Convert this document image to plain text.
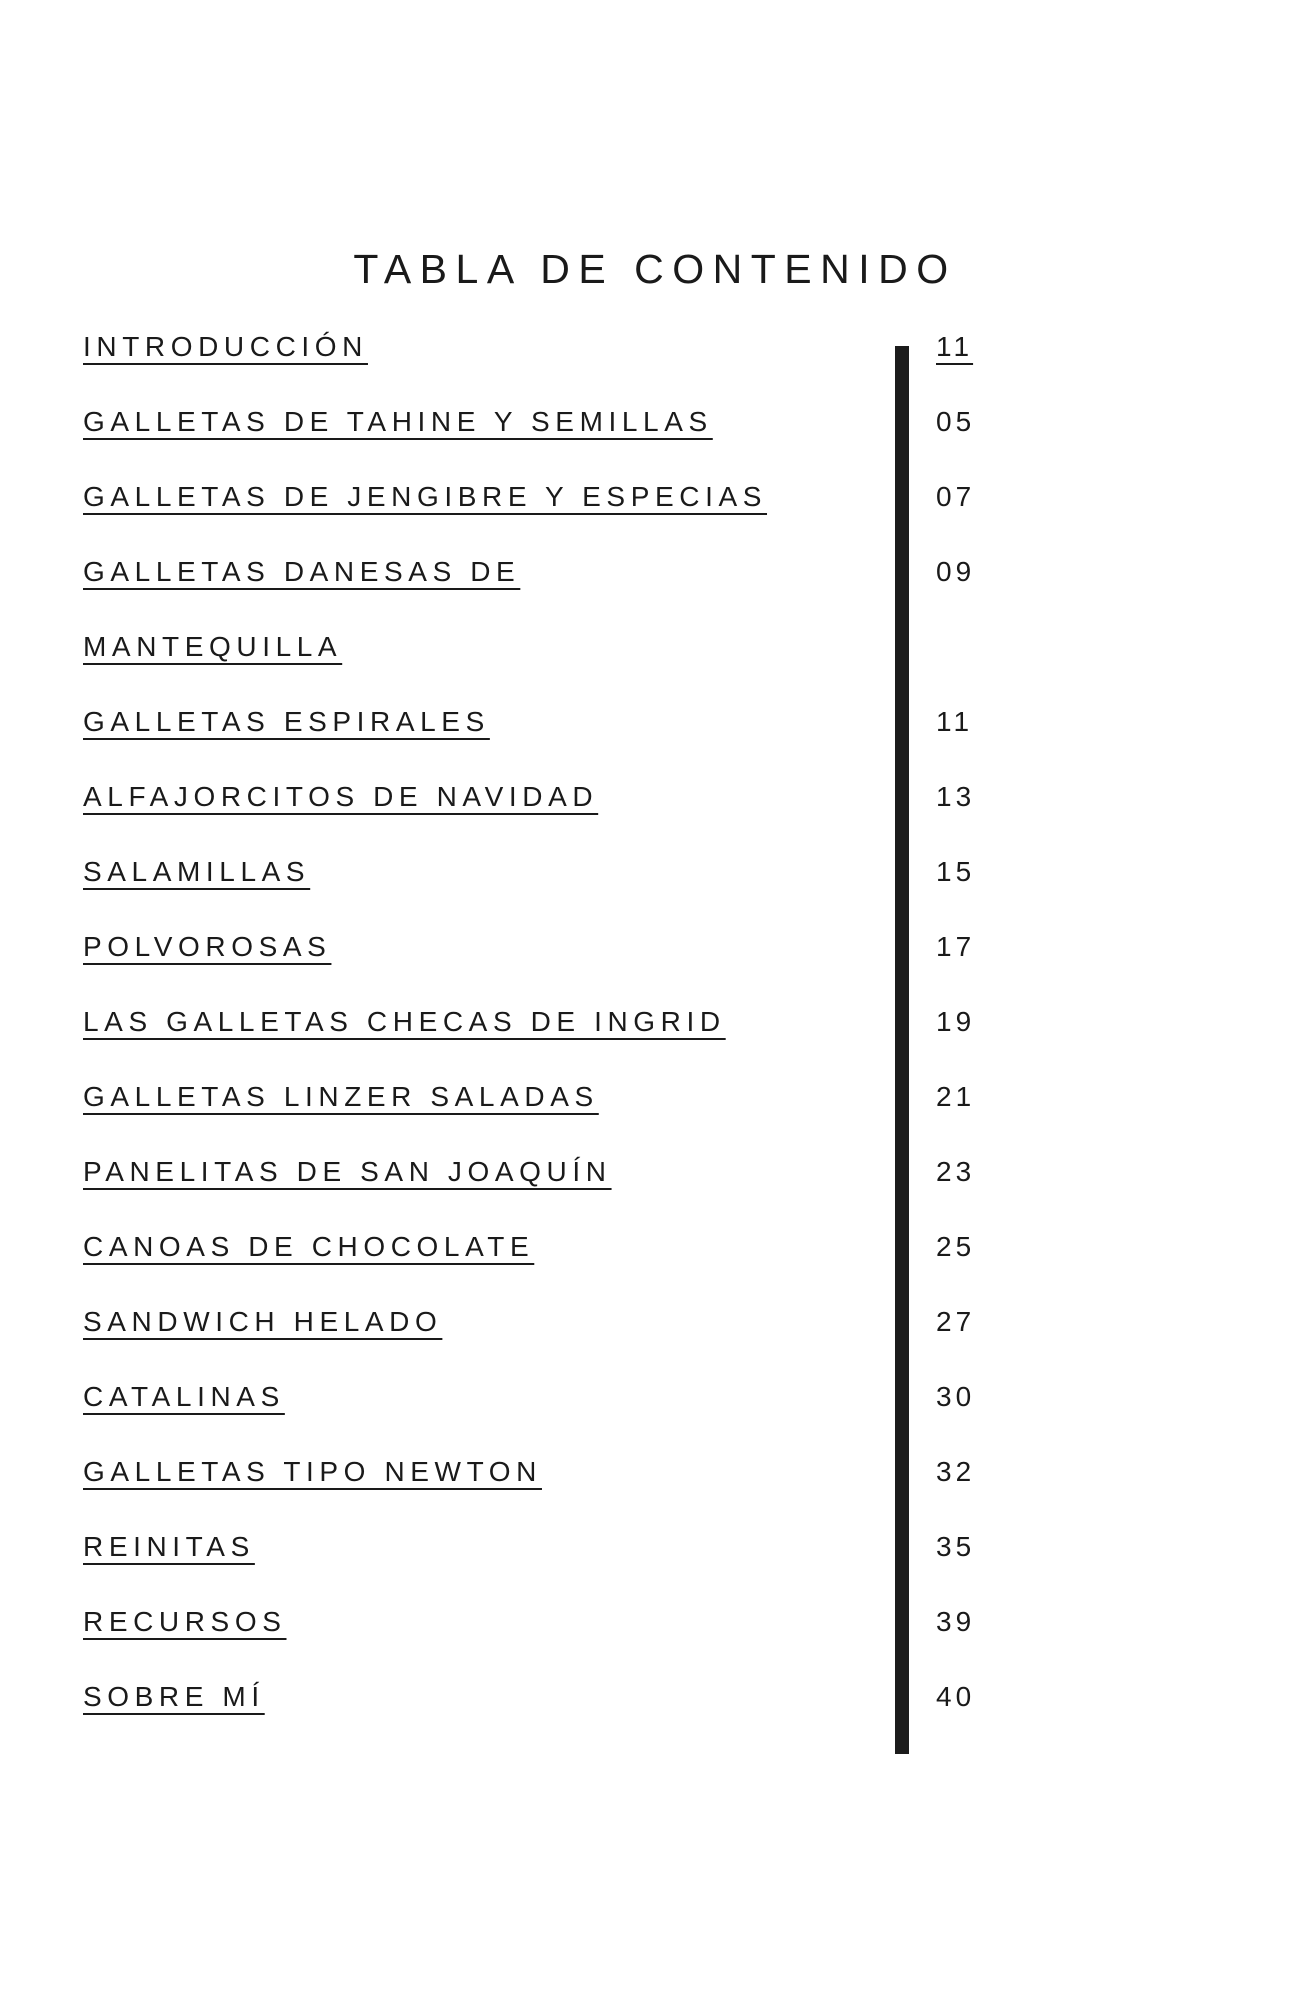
TABLA DE CONTENIDO
INTRODUCCIÓN	11
GALLETAS DE TAHINE Y SEMILLAS	05
GALLETAS DE JENGIBRE Y ESPECIAS	07
GALLETAS DANESAS DE	09
MANTEQUILLA
GALLETAS ESPIRALES	11
ALFAJORCITOS DE NAVIDAD	13
SALAMILLAS	15
POLVOROSAS	17
LAS GALLETAS CHECAS DE INGRID	19
GALLETAS LINZER SALADAS	21
PANELITAS DE SAN JOAQUÍN	23
CANOAS DE CHOCOLATE	25
SANDWICH HELADO	27
CATALINAS	30
GALLETAS TIPO NEWTON	32
REINITAS	35
RECURSOS	39
SOBRE MÍ	40
